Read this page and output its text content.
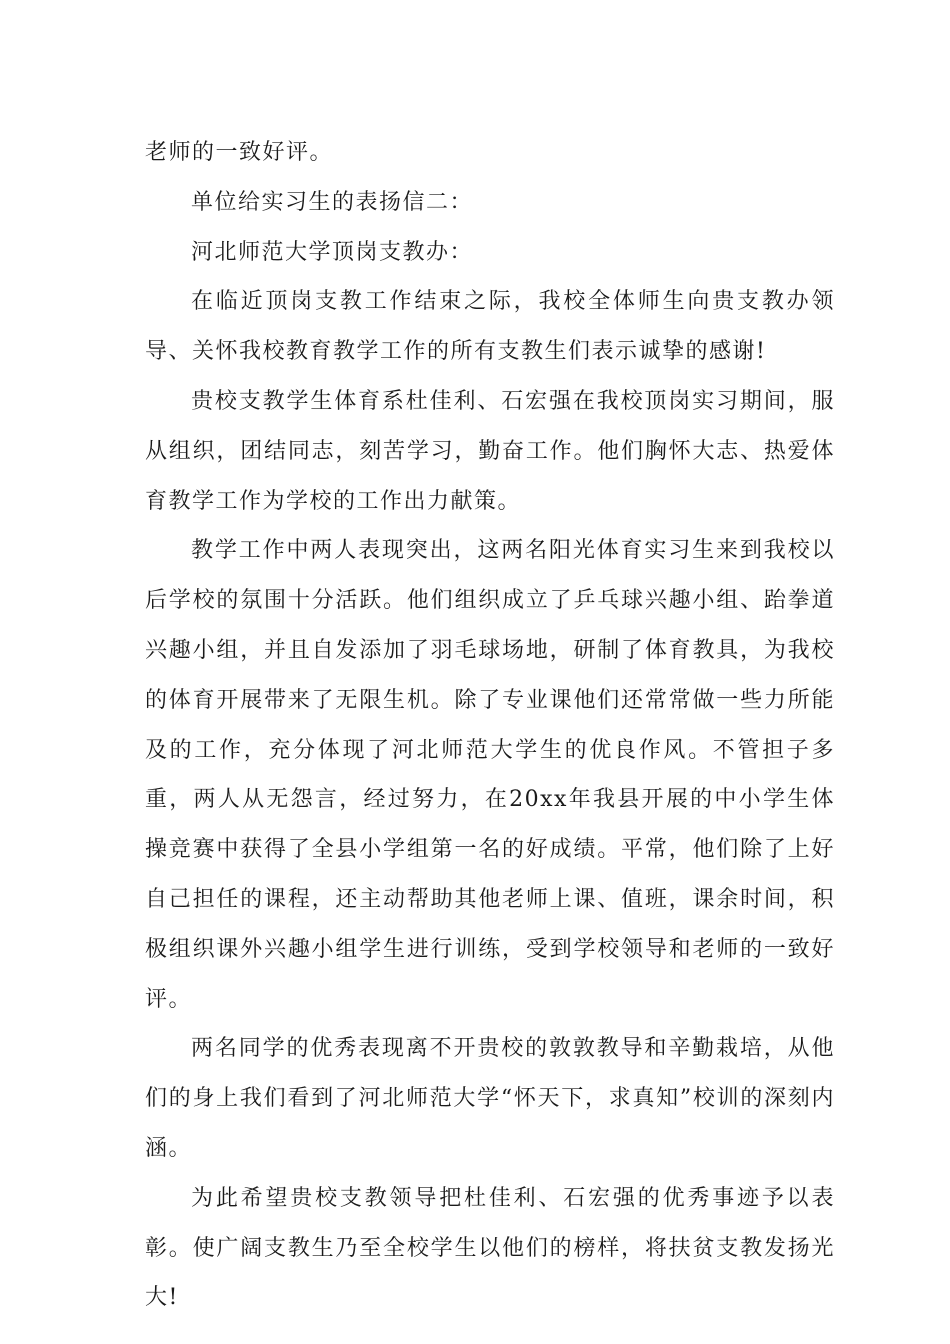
老师的一致好评。

单位给实习生的表扬信二：

河北师范大学顶岗支教办：

在临近顶岗支教工作结束之际，我校全体师生向贵支教办领导、关怀我校教育教学工作的所有支教生们表示诚挚的感谢!

贵校支教学生体育系杜佳利、石宏强在我校顶岗实习期间，服从组织，团结同志，刻苦学习，勤奋工作。他们胸怀大志、热爱体育教学工作为学校的工作出力献策。

教学工作中两人表现突出，这两名阳光体育实习生来到我校以后学校的氛围十分活跃。他们组织成立了乒乓球兴趣小组、跆拳道兴趣小组，并且自发添加了羽毛球场地，研制了体育教具，为我校的体育开展带来了无限生机。除了专业课他们还常常做一些力所能及的工作，充分体现了河北师范大学生的优良作风。不管担子多重，两人从无怨言，经过努力，在20xx年我县开展的中小学生体操竞赛中获得了全县小学组第一名的好成绩。平常，他们除了上好自己担任的课程，还主动帮助其他老师上课、值班，课余时间，积极组织课外兴趣小组学生进行训练，受到学校领导和老师的一致好评。

两名同学的优秀表现离不开贵校的敦敦教导和辛勤栽培，从他们的身上我们看到了河北师范大学“怀天下，求真知”校训的深刻内涵。

为此希望贵校支教领导把杜佳利、石宏强的优秀事迹予以表彰。使广阔支教生乃至全校学生以他们的榜样，将扶贫支教发扬光大!
